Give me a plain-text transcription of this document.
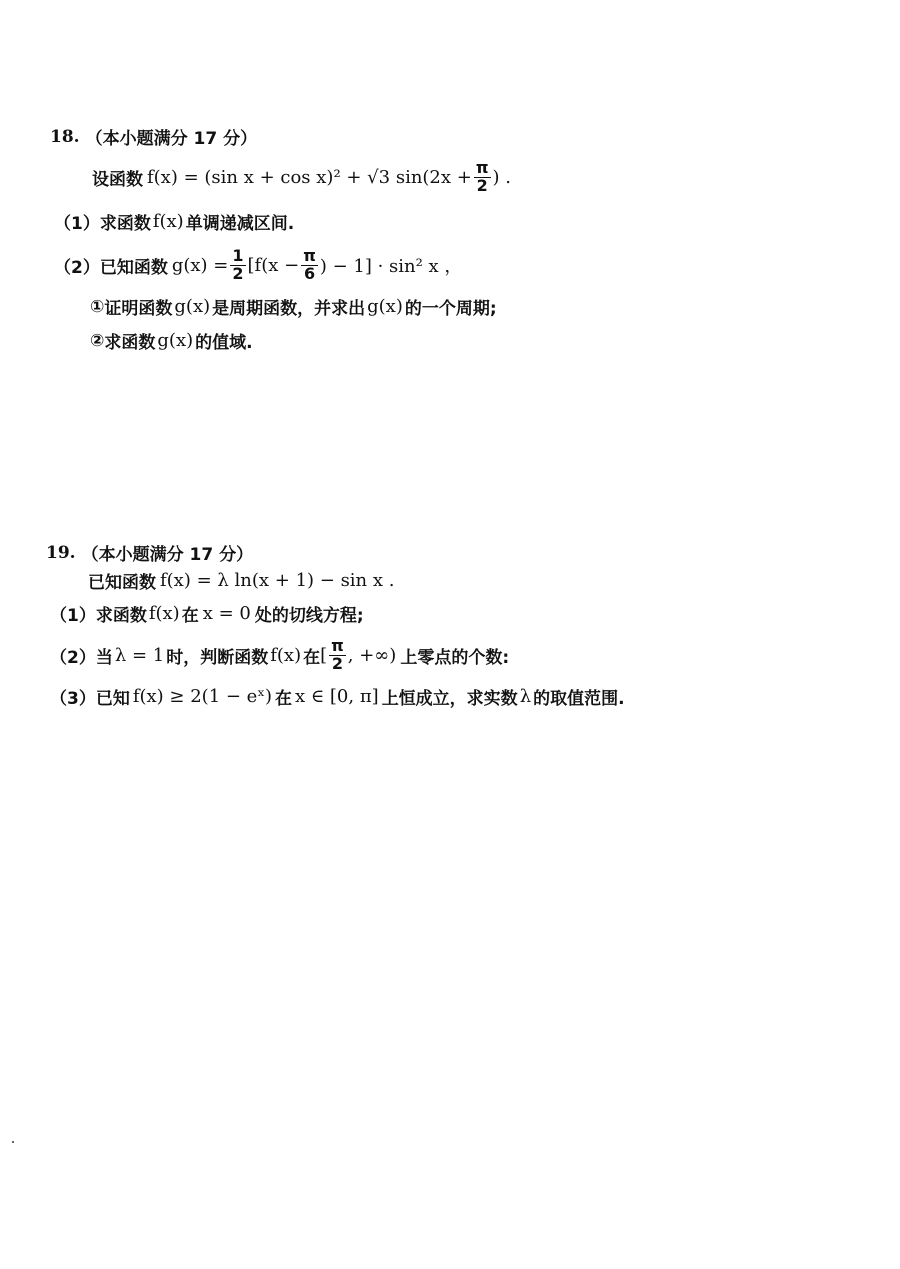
18. （本小题满分 17 分）
设函数 f(x) = (sin x + cos x)² + √3 $\sin(2x + \frac{\pi}{2}$ ) .
（1） 求函数 f(x) 单调递减区间.
（2） 已知函数 $g(x) = \frac{1}{2} [f(x - \frac{\pi}{6}$ ) − 1] · sin² x ，
① 证明函数 g(x) 是周期函数，并求出 g(x) 的一个周期;
② 求函数 g(x) 的值域.
19. （本小题满分 17 分）
已知函数 f(x) = λ ln(x + 1) − sin x .
（1） 求函数 f(x) 在 x = 0 处的切线方程;
（2） 当 λ = 1 时，判断函数 f(x) 在 [ $\frac{\pi}{2}$ , +∞) 上零点的个数:
（3） 已知 f(x) ≥ 2(1 − eˣ) 在 x ∈ [0, π] 上恒成立，求实数 λ 的取值范围.
